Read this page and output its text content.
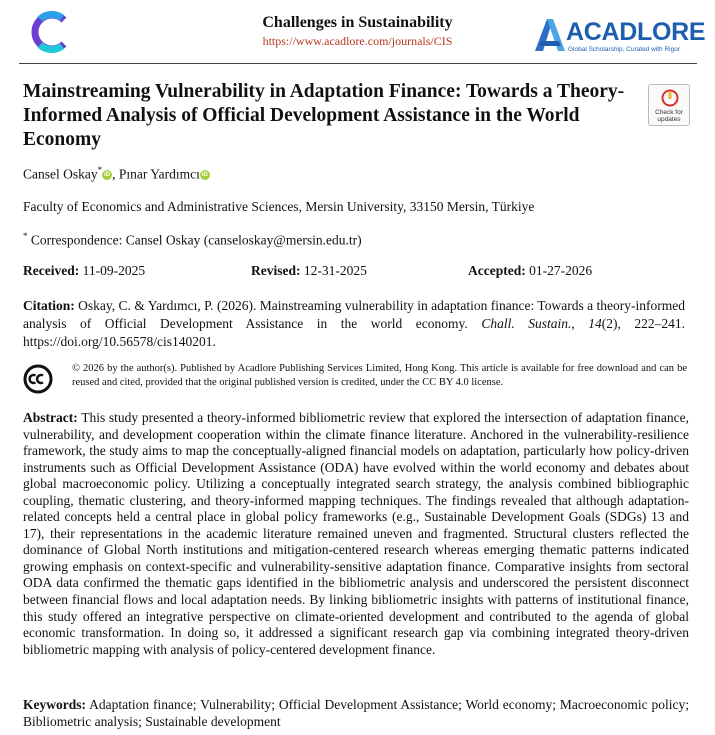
Challenges in Sustainability
https://www.acadlore.com/journals/CIS	ACADLORE
Global Scholarship, Curated with Rigor
Mainstreaming Vulnerability in Adaptation Finance: Towards a Theory-Informed Analysis of Official Development Assistance in the World Economy
Check for
updates
Cansel Oskay* iD , Pınar Yardımcı iD
Faculty of Economics and Administrative Sciences, Mersin University, 33150 Mersin, Türkiye
* Correspondence: Cansel Oskay (canseloskay@mersin.edu.tr)
Received: 11-09-2025	Revised: 12-31-2025	Accepted: 01-27-2026
Citation: Oskay, C. & Yardımcı, P. (2026). Mainstreaming vulnerability in adaptation finance: Towards a theory-informed analysis of Official Development Assistance in the world economy. Chall. Sustain., 14(2), 222–241. https://doi.org/10.56578/cis140201.
© 2026 by the author(s). Published by Acadlore Publishing Services Limited, Hong Kong. This article is available for free download and can be reused and cited, provided that the original published version is credited, under the CC BY 4.0 license.
Abstract: This study presented a theory-informed bibliometric review that explored the intersection of adaptation finance, vulnerability, and development cooperation within the climate finance literature. Anchored in the vulnerability-resilience framework, the study aims to map the conceptually-aligned financial models on adaptation, particularly how policy-driven instruments such as Official Development Assistance (ODA) have evolved within the world economy and debates about global macroeconomic policy. Utilizing a conceptually integrated search strategy, the analysis combined bibliographic coupling, thematic clustering, and theory-informed mapping techniques. The findings revealed that although adaptation-related concepts held a central place in global policy frameworks (e.g., Sustainable Development Goals (SDGs) 13 and 17), their representations in the academic literature remained uneven and fragmented. Structural clusters reflected the dominance of Global North institutions and mitigation-centered research whereas emerging thematic patterns indicated growing emphasis on context-specific and vulnerability-sensitive adaptation finance. Comparative insights from sectoral ODA data confirmed the thematic gaps identified in the bibliometric analysis and underscored the persistent disconnect between financial flows and local adaptation needs. By linking bibliometric insights with patterns of institutional finance, this study offered an integrative perspective on climate-oriented development and contributed to the agenda of global economic transformation. In doing so, it addressed a significant research gap via combining integrated theory-driven bibliometric mapping with analysis of policy-centered development finance.
Keywords: Adaptation finance; Vulnerability; Official Development Assistance; World economy; Macroeconomic policy; Bibliometric analysis; Sustainable development
